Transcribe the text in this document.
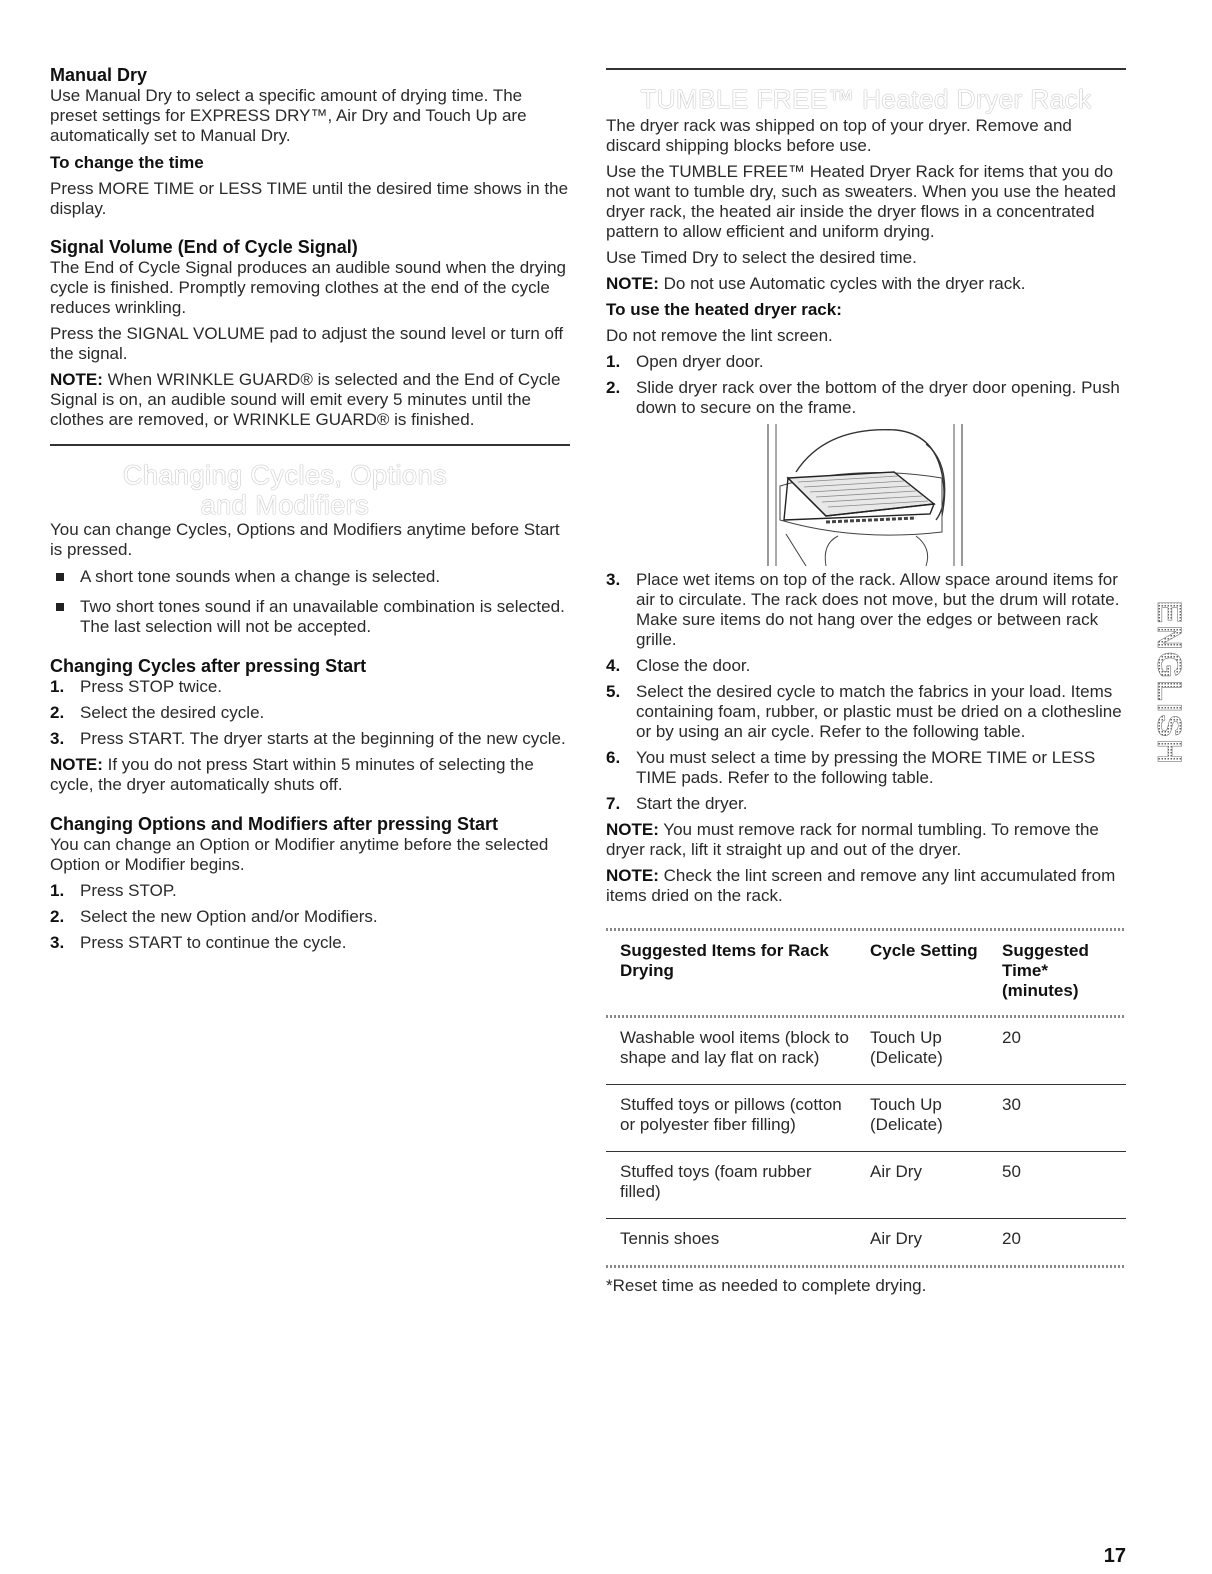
Manual Dry

Use Manual Dry to select a specific amount of drying time. The preset settings for EXPRESS DRY™, Air Dry and Touch Up are automatically set to Manual Dry.

To change the time

Press MORE TIME or LESS TIME until the desired time shows in the display.

Signal Volume (End of Cycle Signal)

The End of Cycle Signal produces an audible sound when the drying cycle is finished. Promptly removing clothes at the end of the cycle reduces wrinkling.

Press the SIGNAL VOLUME pad to adjust the sound level or turn off the signal.

NOTE: When WRINKLE GUARD® is selected and the End of Cycle Signal is on, an audible sound will emit every 5 minutes until the clothes are removed, or WRINKLE GUARD® is finished.

Changing Cycles, Options
and Modifiers

You can change Cycles, Options and Modifiers anytime before Start is pressed.

A short tone sounds when a change is selected.
Two short tones sound if an unavailable combination is selected. The last selection will not be accepted.
Changing Cycles after pressing Start
1. Press STOP twice.
2. Select the desired cycle.
3. Press START. The dryer starts at the beginning of the new cycle.

NOTE: If you do not press Start within 5 minutes of selecting the cycle, the dryer automatically shuts off.

Changing Options and Modifiers after pressing Start

You can change an Option or Modifier anytime before the selected Option or Modifier begins.

1. Press STOP.
2. Select the new Option and/or Modifiers.
3. Press START to continue the cycle.
TUMBLE FREE™ Heated Dryer Rack

The dryer rack was shipped on top of your dryer. Remove and discard shipping blocks before use.

Use the TUMBLE FREE™ Heated Dryer Rack for items that you do not want to tumble dry, such as sweaters. When you use the heated dryer rack, the heated air inside the dryer flows in a concentrated pattern to allow efficient and uniform drying.

Use Timed Dry to select the desired time.

NOTE: Do not use Automatic cycles with the dryer rack.

To use the heated dryer rack:

Do not remove the lint screen.

1. Open dryer door.
2. Slide dryer rack over the bottom of the dryer door opening. Push down to secure on the frame.
3. Place wet items on top of the rack. Allow space around items for air to circulate. The rack does not move, but the drum will rotate. Make sure items do not hang over the edges or between rack grille.
4. Close the door.
5. Select the desired cycle to match the fabrics in your load. Items containing foam, rubber, or plastic must be dried on a clothesline or by using an air cycle. Refer to the following table.
6. You must select a time by pressing the MORE TIME or LESS TIME pads. Refer to the following table.
7. Start the dryer.

NOTE: You must remove rack for normal tumbling. To remove the dryer rack, lift it straight up and out of the dryer.

NOTE: Check the lint screen and remove any lint accumulated from items dried on the rack.

Suggested Items for Rack Drying	Cycle Setting	Suggested Time* (minutes)
Washable wool items (block to shape and lay flat on rack)	Touch Up (Delicate)	20
Stuffed toys or pillows (cotton or polyester fiber filling)	Touch Up (Delicate)	30
Stuffed toys (foam rubber filled)	Air Dry	50
Tennis shoes	Air Dry	20

*Reset time as needed to complete drying.

ENGLISH
17
